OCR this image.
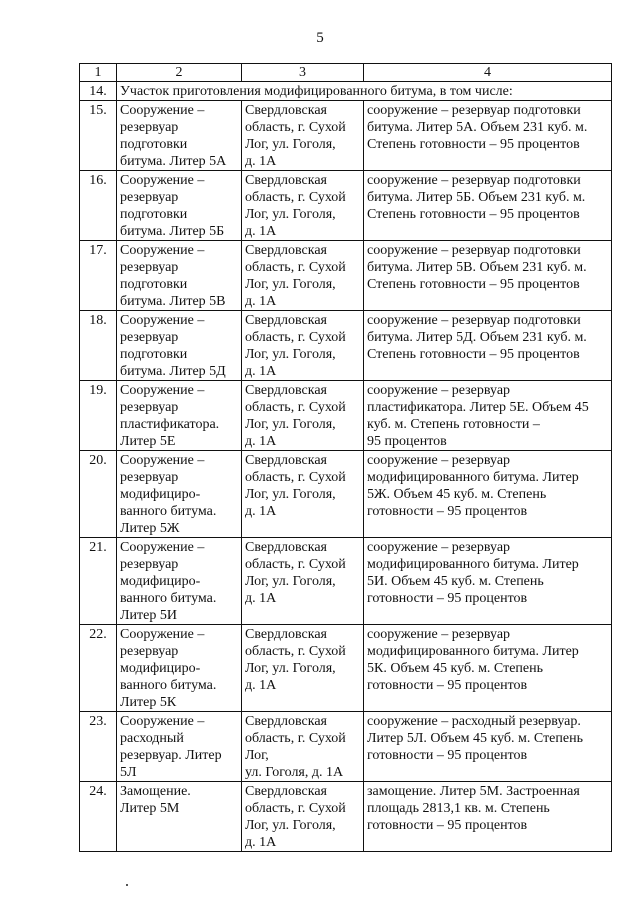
5
1	2	3	4
14.	Участок приготовления модифицированного битума, в том числе:		
15.	Сооружение –
резервуар
подготовки
битума. Литер 5А	Свердловская
область, г. Сухой
Лог, ул. Гоголя,
д. 1А	сооружение – резервуар подготовки
битума. Литер 5А. Объем 231 куб. м.
Степень готовности – 95 процентов
16.	Сооружение –
резервуар
подготовки
битума. Литер 5Б	Свердловская
область, г. Сухой
Лог, ул. Гоголя,
д. 1А	сооружение – резервуар подготовки
битума. Литер 5Б. Объем 231 куб. м.
Степень готовности – 95 процентов
17.	Сооружение –
резервуар
подготовки
битума. Литер 5В	Свердловская
область, г. Сухой
Лог, ул. Гоголя,
д. 1А	сооружение – резервуар подготовки
битума. Литер 5В. Объем 231 куб. м.
Степень готовности – 95 процентов
18.	Сооружение –
резервуар
подготовки
битума. Литер 5Д	Свердловская
область, г. Сухой
Лог, ул. Гоголя,
д. 1А	сооружение – резервуар подготовки
битума. Литер 5Д. Объем 231 куб. м.
Степень готовности – 95 процентов
19.	Сооружение –
резервуар
пластификатора.
Литер 5Е	Свердловская
область, г. Сухой
Лог, ул. Гоголя,
д. 1А	сооружение – резервуар
пластификатора. Литер 5Е. Объем 45
куб. м. Степень готовности –
95 процентов
20.	Сооружение –
резервуар
модифициро-
ванного битума.
Литер 5Ж	Свердловская
область, г. Сухой
Лог, ул. Гоголя,
д. 1А	сооружение – резервуар
модифицированного битума. Литер
5Ж. Объем 45 куб. м. Степень
готовности – 95 процентов
21.	Сооружение –
резервуар
модифициро-
ванного битума.
Литер 5И	Свердловская
область, г. Сухой
Лог, ул. Гоголя,
д. 1А	сооружение – резервуар
модифицированного битума. Литер
5И. Объем 45 куб. м. Степень
готовности – 95 процентов
22.	Сооружение –
резервуар
модифициро-
ванного битума.
Литер 5К	Свердловская
область, г. Сухой
Лог, ул. Гоголя,
д. 1А	сооружение – резервуар
модифицированного битума. Литер
5К. Объем 45 куб. м. Степень
готовности – 95 процентов
23.	Сооружение –
расходный
резервуар. Литер
5Л	Свердловская
область, г. Сухой
Лог,
ул. Гоголя, д. 1А	сооружение – расходный резервуар.
Литер 5Л. Объем 45 куб. м. Степень
готовности – 95 процентов
24.	Замощение.
Литер 5М	Свердловская
область, г. Сухой
Лог, ул. Гоголя,
д. 1А	замощение. Литер 5М. Застроенная
площадь 2813,1 кв. м. Степень
готовности – 95 процентов
